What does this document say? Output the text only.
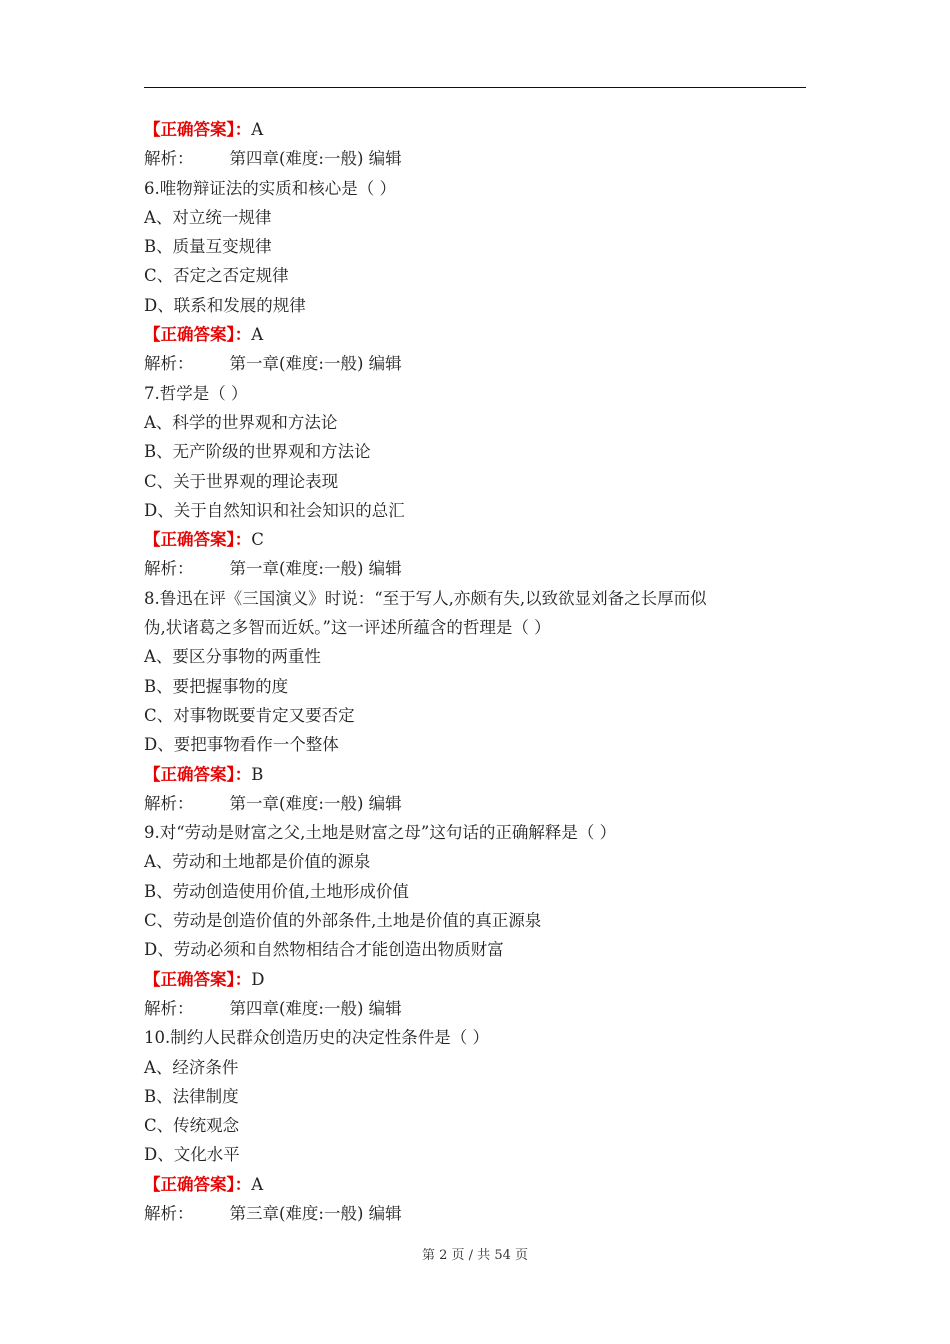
【正确答案】：A
解析： 第四章(难度:一般) 编辑
6.唯物辩证法的实质和核心是（ ）
A、对立统一规律
B、质量互变规律
C、否定之否定规律
D、联系和发展的规律
【正确答案】：A
解析： 第一章(难度:一般) 编辑
7.哲学是（ ）
A、科学的世界观和方法论
B、无产阶级的世界观和方法论
C、关于世界观的理论表现
D、关于自然知识和社会知识的总汇
【正确答案】：C
解析： 第一章(难度:一般) 编辑
8.鲁迅在评《三国演义》时说：“至于写人,亦颇有失,以致欲显刘备之长厚而似
伪,状诸葛之多智而近妖。”这一评述所蕴含的哲理是（ ）
A、要区分事物的两重性
B、要把握事物的度
C、对事物既要肯定又要否定
D、要把事物看作一个整体
【正确答案】：B
解析： 第一章(难度:一般) 编辑
9.对“劳动是财富之父,土地是财富之母”这句话的正确解释是（ ）
A、劳动和土地都是价值的源泉
B、劳动创造使用价值,土地形成价值
C、劳动是创造价值的外部条件,土地是价值的真正源泉
D、劳动必须和自然物相结合才能创造出物质财富
【正确答案】：D
解析： 第四章(难度:一般) 编辑
10.制约人民群众创造历史的决定性条件是（ ）
A、经济条件
B、法律制度
C、传统观念
D、文化水平
【正确答案】：A
解析： 第三章(难度:一般) 编辑
第 2 页 / 共 54 页
